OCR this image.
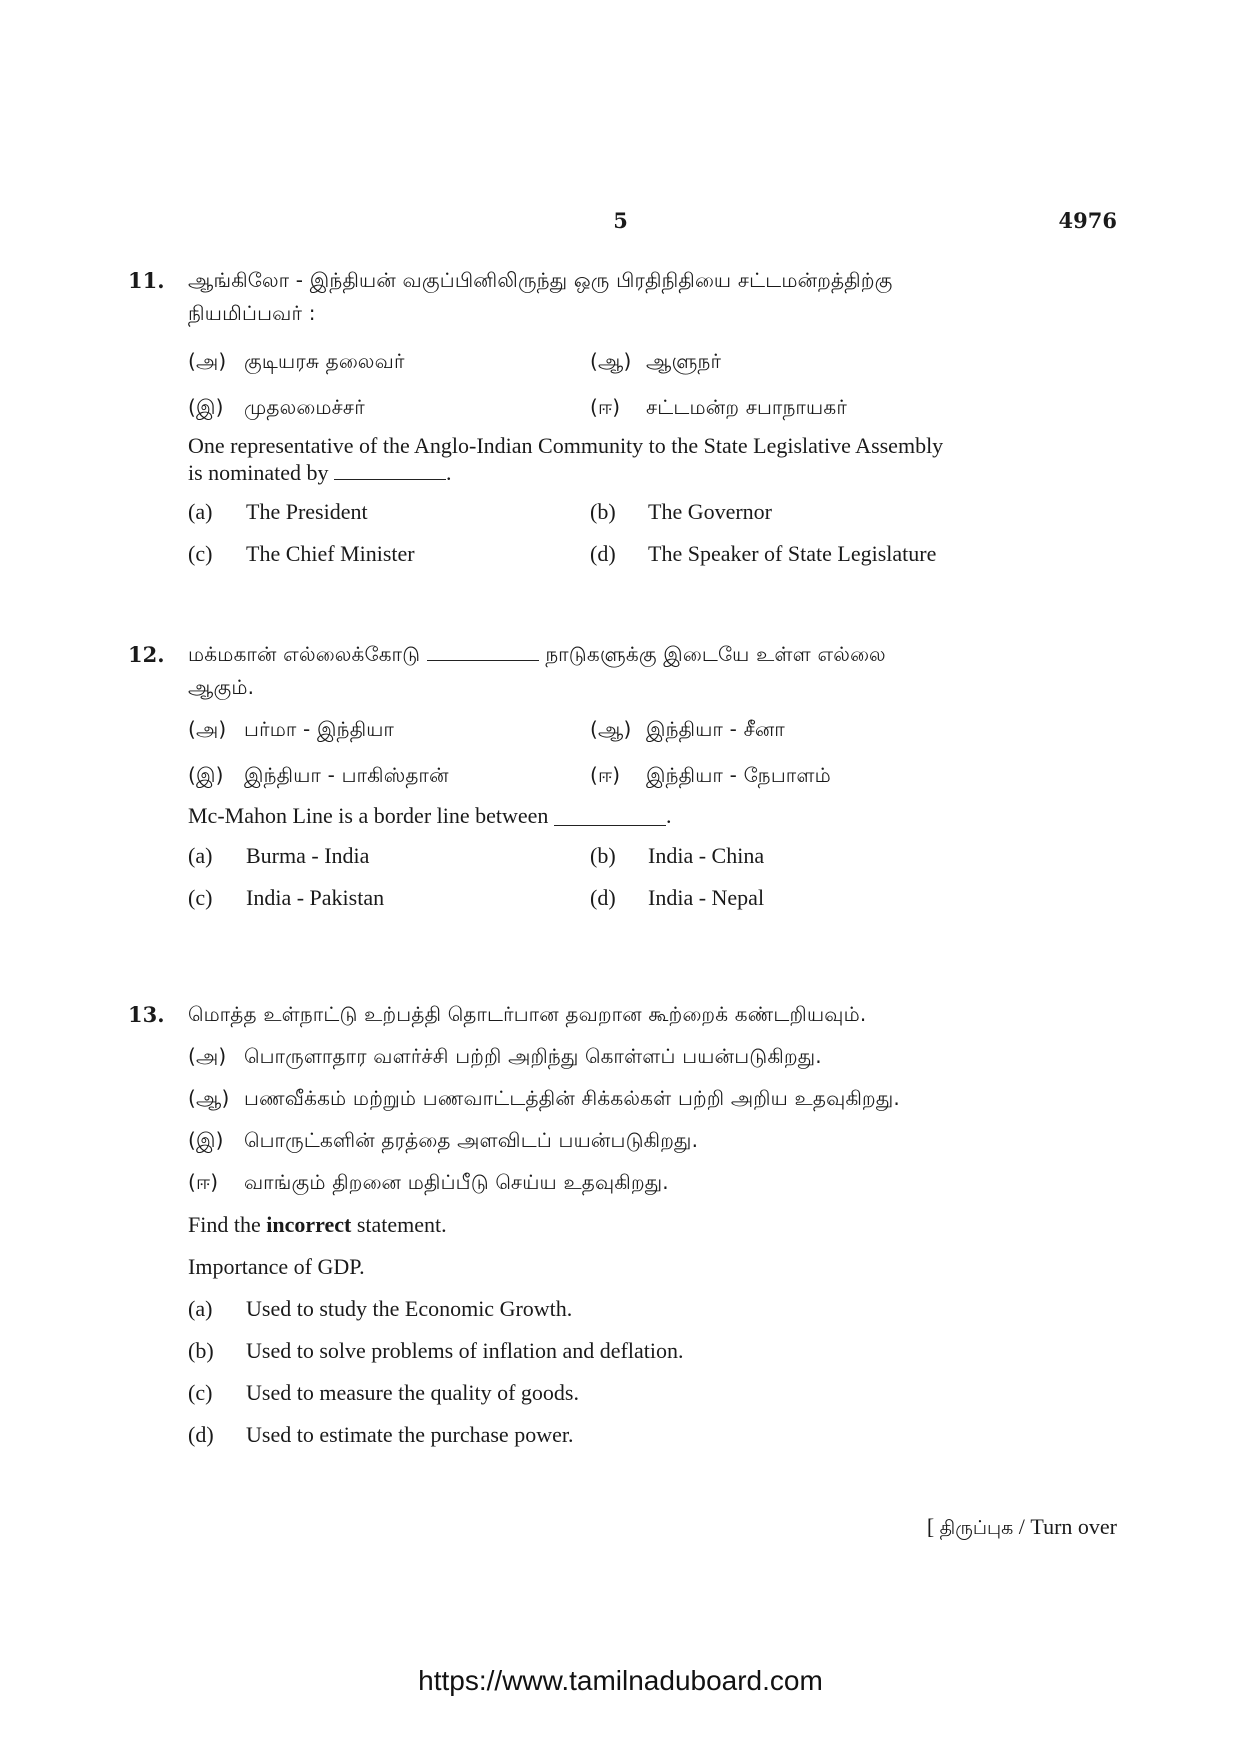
5	4976
11. ஆங்கிலோ - இந்தியன் வகுப்பினிலிருந்து ஒரு பிரதிநிதியை சட்டமன்றத்திற்கு
நியமிப்பவர் :
(அ) குடியரசு தலைவர்	(ஆ) ஆளுநர்
(இ)	முதலமைச்சர்	(ஈ)	சட்டமன்ற சபாநாயகர்
One representative of the Anglo-Indian Community to the State Legislative Assembly
is nominated by	.
(a)	The President	(b)	The Governor
(c)	The Chief Minister	(d)	The Speaker of State Legislature
12. மக்மகான் எல்லைக்கோடு	நாடுகளுக்கு இடையே உள்ள எல்லை
ஆகும்.
(அ) பர்மா - இந்தியா	(ஆ) இந்தியா - சீனா
(இ)	இந்தியா - பாகிஸ்தான்	(ஈ)	இந்தியா - நேபாளம்
Mc-Mahon Line is a border line between
	.
(a)	Burma - India	(b)	India - China
(c)	India - Pakistan	(d)	India - Nepal
13. மொத்த உள்நாட்டு உற்பத்தி தொடர்பான தவறான கூற்றைக் கண்டறியவும்.
(அ) பொருளாதார வளர்ச்சி பற்றி அறிந்து கொள்ளப் பயன்படுகிறது.
(ஆ) பணவீக்கம் மற்றும் பணவாட்டத்தின் சிக்கல்கள் பற்றி அறிய உதவுகிறது.
(இ)	பொருட்களின் தரத்தை அளவிடப் பயன்படுகிறது.
(ஈ)	வாங்கும் திறனை மதிப்பீடு செய்ய உதவுகிறது.
Find the
incorrect
statement.
Importance of GDP.
(a)	Used to study the Economic Growth.
(b)	Used to solve problems of inflation and deflation.
(c)	Used to measure the quality of goods.
(d)	Used to estimate the purchase power.
[ திருப்புக / Turn over
https://www.tamilnaduboard.com
